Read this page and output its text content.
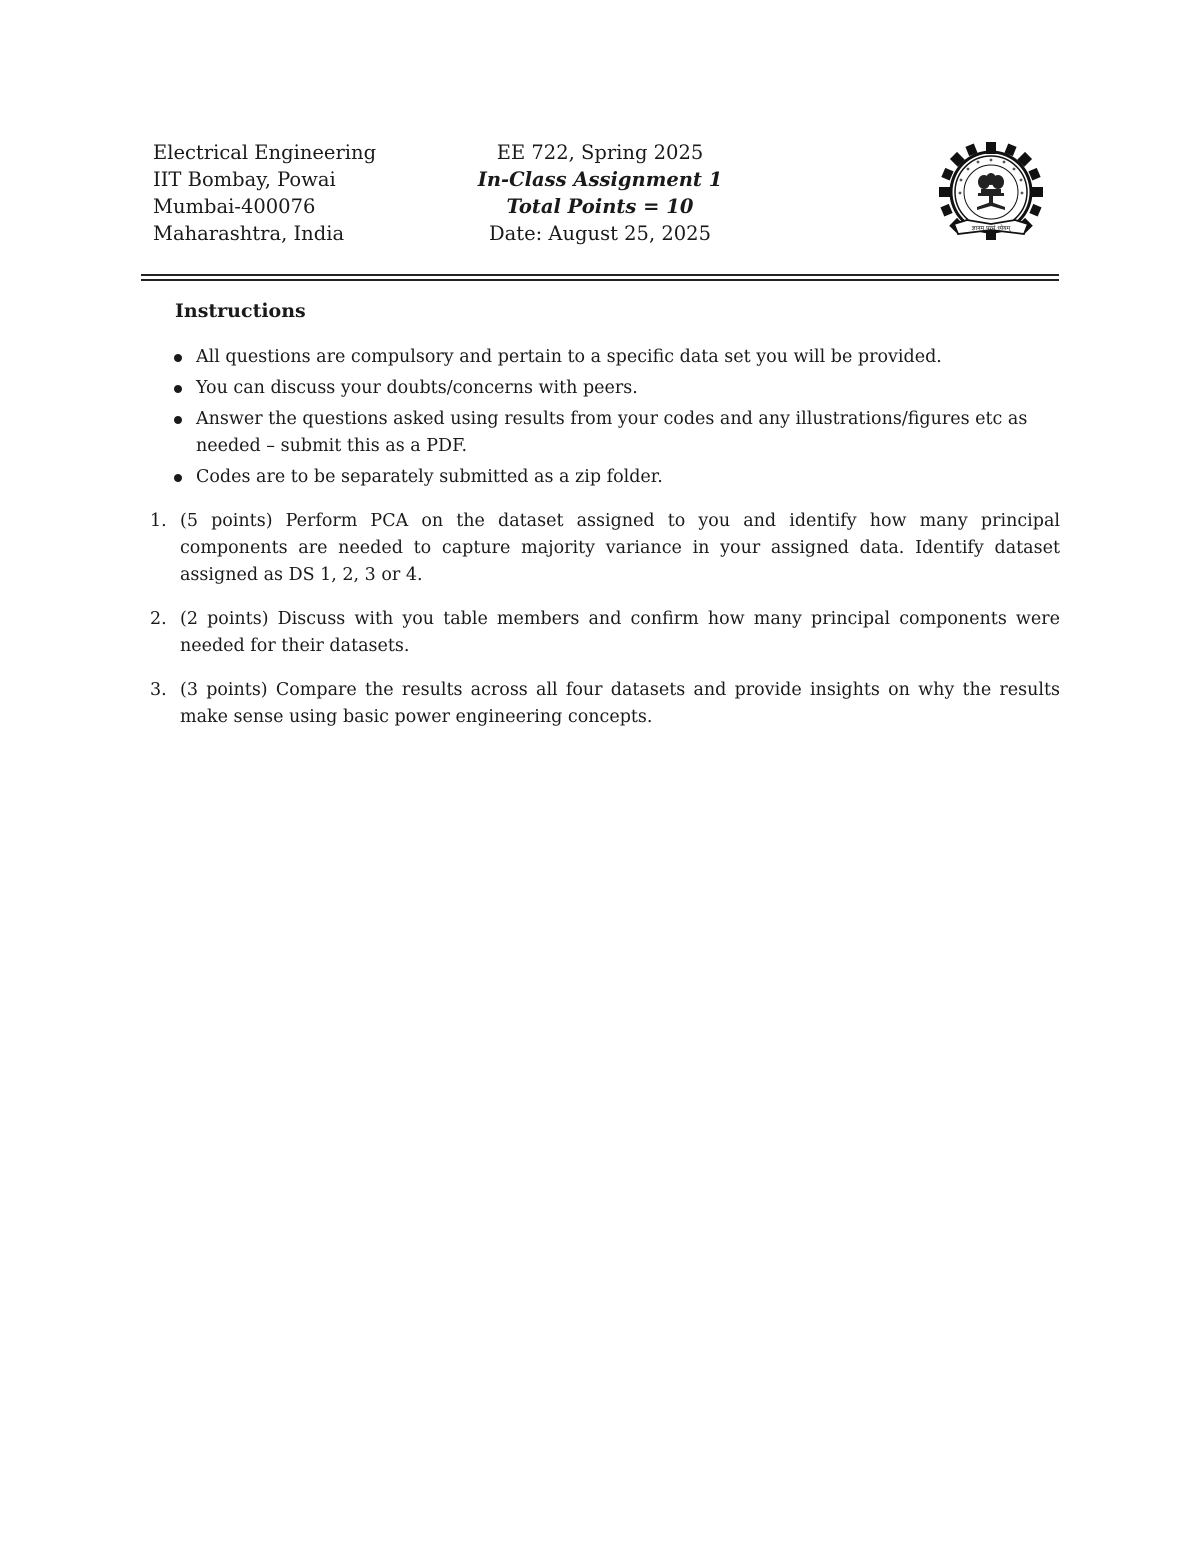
Electrical Engineering
IIT Bombay, Powai
Mumbai-400076
Maharashtra, India
EE 722, Spring 2025
In-Class Assignment 1
Total Points = 10
Date: August 25, 2025	ज्ञानम् परमं ध्येयम्
Instructions
All questions are compulsory and pertain to a specific data set you will be provided.
You can discuss your doubts/concerns with peers.
Answer the questions asked using results from your codes and any illustrations/figures etc as needed – submit this as a PDF.
Codes are to be separately submitted as a zip folder.
1. (5 points) Perform PCA on the dataset assigned to you and identify how many principal components are needed to capture majority variance in your assigned data. Identify dataset assigned as DS 1, 2, 3 or 4.
2. (2 points) Discuss with you table members and confirm how many principal components were needed for their datasets.
3. (3 points) Compare the results across all four datasets and provide insights on why the results make sense using basic power engineering concepts.
